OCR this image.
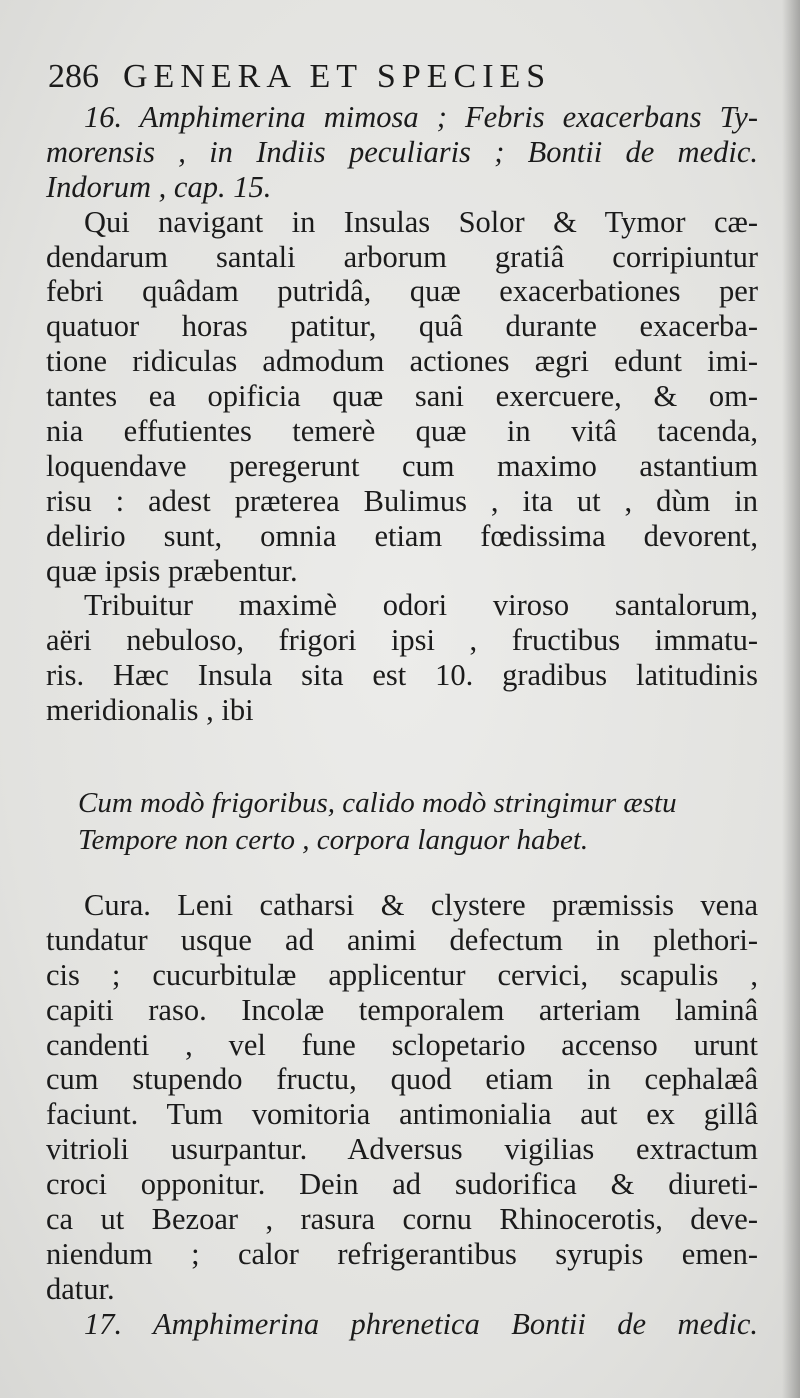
286 GENERA ET SPECIES
16. Amphimerina mimosa ; Febris exacerbans Ty-
morensis , in Indiis peculiaris ; Bontii de medic.
Indorum , cap. 15.
Qui navigant in Insulas Solor & Tymor cæ-
dendarum santali arborum gratiâ corripiuntur
febri quâdam putridâ, quæ exacerbationes per
quatuor horas patitur, quâ durante exacerba-
tione ridiculas admodum actiones ægri edunt imi-
tantes ea opificia quæ sani exercuere, & om-
nia effutientes temerè quæ in vitâ tacenda,
loquendave peregerunt cum maximo astantium
risu : adest præterea Bulimus , ita ut , dùm in
delirio sunt, omnia etiam fœdissima devorent,
quæ ipsis præbentur.
Tribuitur maximè odori viroso santalorum,
aëri nebuloso, frigori ipsi , fructibus immatu-
ris. Hæc Insula sita est 10. gradibus latitudinis
meridionalis , ibi
Cum modò frigoribus, calido modò stringimur æstu
Tempore non certo , corpora languor habet.
Cura. Leni catharsi & clystere præmissis vena
tundatur usque ad animi defectum in plethori-
cis ; cucurbitulæ applicentur cervici, scapulis ,
capiti raso. Incolæ temporalem arteriam laminâ
candenti , vel fune sclopetario accenso urunt
cum stupendo fructu, quod etiam in cephalæâ
faciunt. Tum vomitoria antimonialia aut ex gillâ
vitrioli usurpantur. Adversus vigilias extractum
croci opponitur. Dein ad sudorifica & diureti-
ca ut Bezoar , rasura cornu Rhinocerotis, deve-
niendum ; calor refrigerantibus syrupis emen-
datur.
17. Amphimerina phrenetica Bontii de medic.
